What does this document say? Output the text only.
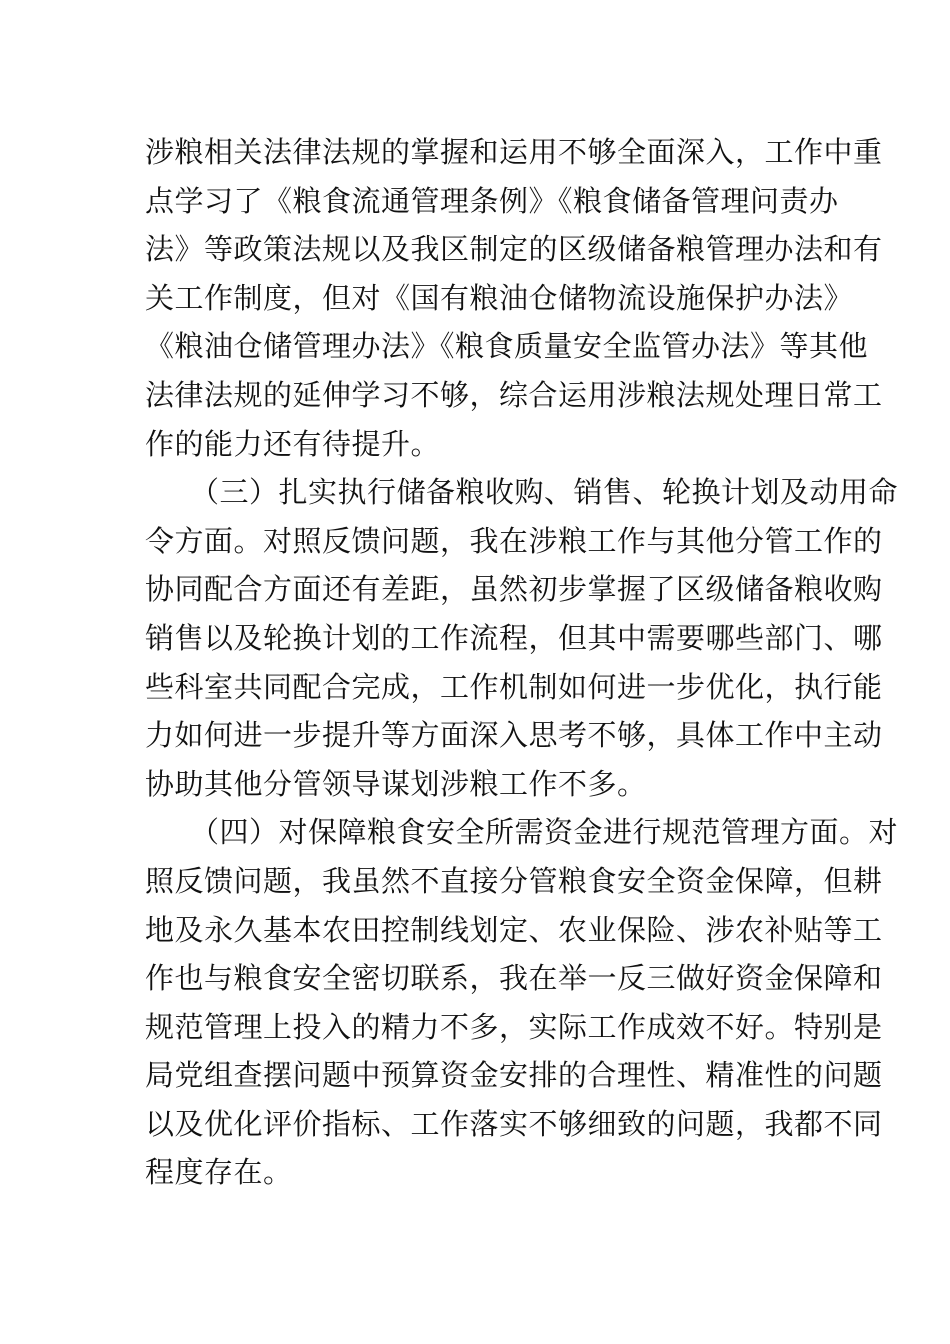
涉粮相关法律法规的掌握和运用不够全面深入，工作中重
点学习了《粮食流通管理条例》《粮食储备管理问责办
法》等政策法规以及我区制定的区级储备粮管理办法和有
关工作制度，但对《国有粮油仓储物流设施保护办法》
《粮油仓储管理办法》《粮食质量安全监管办法》等其他
法律法规的延伸学习不够，综合运用涉粮法规处理日常工
作的能力还有待提升。
（三）扎实执行储备粮收购、销售、轮换计划及动用命
令方面。对照反馈问题，我在涉粮工作与其他分管工作的
协同配合方面还有差距，虽然初步掌握了区级储备粮收购
销售以及轮换计划的工作流程，但其中需要哪些部门、哪
些科室共同配合完成，工作机制如何进一步优化，执行能
力如何进一步提升等方面深入思考不够，具体工作中主动
协助其他分管领导谋划涉粮工作不多。
（四）对保障粮食安全所需资金进行规范管理方面。对
照反馈问题，我虽然不直接分管粮食安全资金保障，但耕
地及永久基本农田控制线划定、农业保险、涉农补贴等工
作也与粮食安全密切联系，我在举一反三做好资金保障和
规范管理上投入的精力不多，实际工作成效不好。特别是
局党组查摆问题中预算资金安排的合理性、精准性的问题
以及优化评价指标、工作落实不够细致的问题，我都不同
程度存在。
